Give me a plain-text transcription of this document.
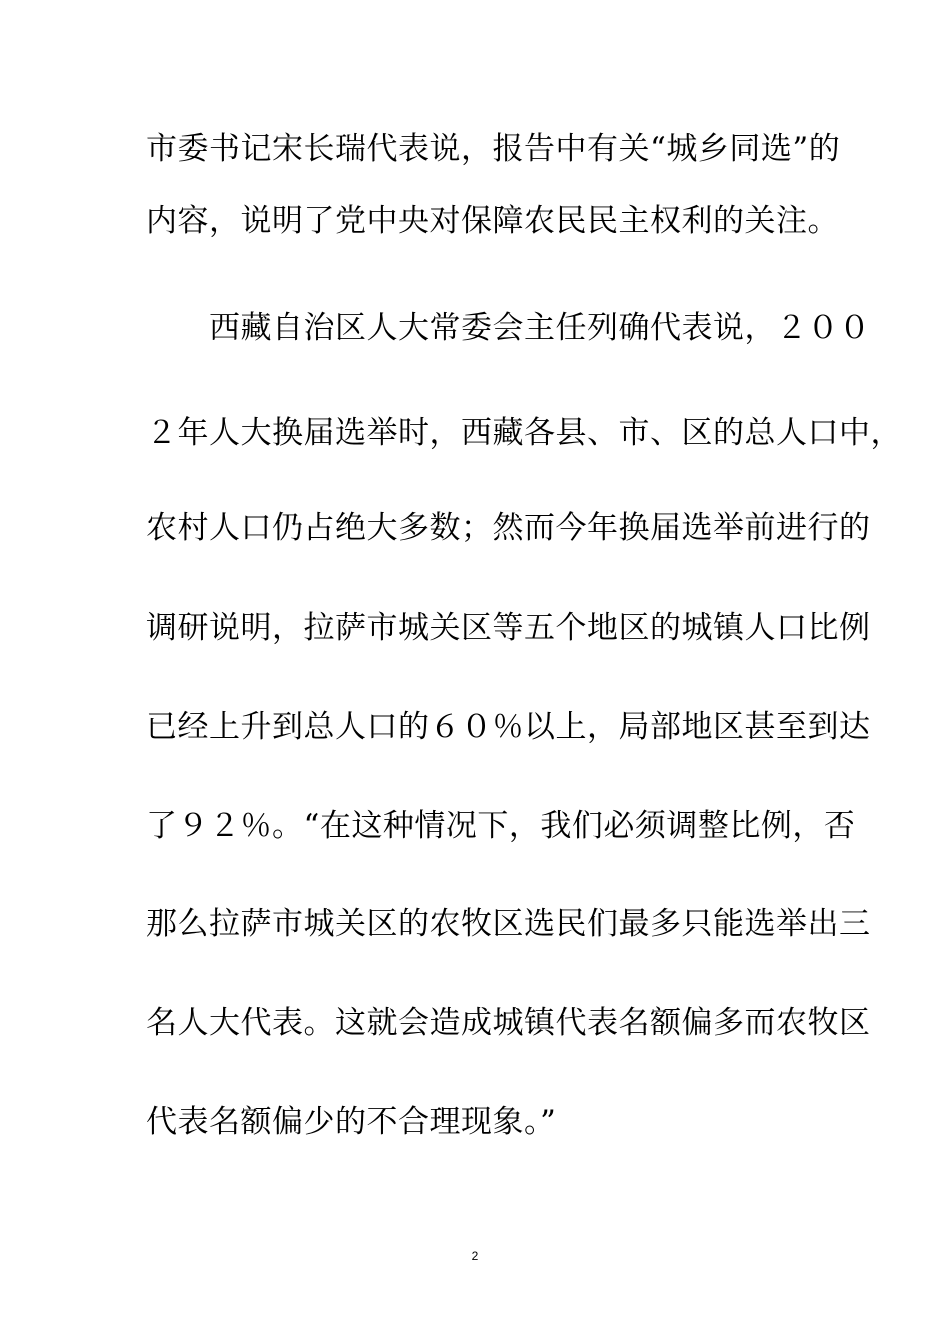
市委书记宋长瑞代表说，报告中有关“城乡同选”的
内容，说明了党中央对保障农民民主权利的关注。
　　西藏自治区人大常委会主任列确代表说，２００
２年人大换届选举时，西藏各县、市、区的总人口中，
农村人口仍占绝大多数；然而今年换届选举前进行的
调研说明，拉萨市城关区等五个地区的城镇人口比例
已经上升到总人口的６０％以上，局部地区甚至到达
了９２％。“在这种情况下，我们必须调整比例，否
那么拉萨市城关区的农牧区选民们最多只能选举出三
名人大代表。这就会造成城镇代表名额偏多而农牧区
代表名额偏少的不合理现象。”
2
